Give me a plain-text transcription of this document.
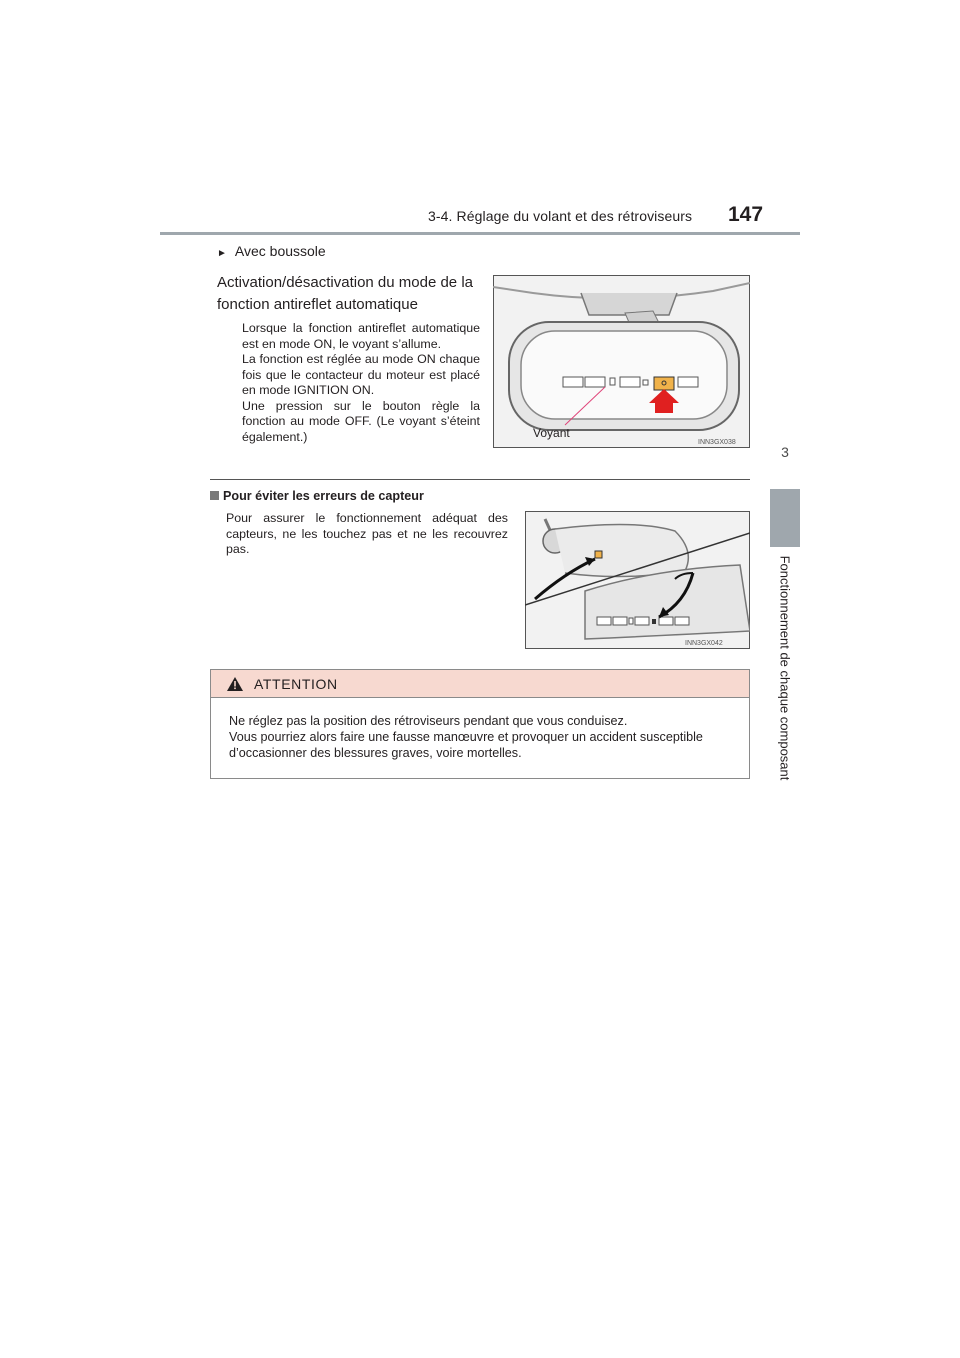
3-4. Réglage du volant et des rétroviseurs 147
3
Fonctionnement de chaque composant
► Avec boussole
Activation/désactivation du mode de la fonction antireflet automatique
Lorsque la fonction antireflet automatique est en mode ON, le voyant s’allume.
La fonction est réglée au mode ON chaque fois que le contacteur du moteur est placé en mode IGNITION ON.
Une pression sur le bouton règle la fonction au mode OFF. (Le voyant s’éteint également.)	Voyant
INN3GX038
Pour éviter les erreurs de capteur
Pour assurer le fonctionnement adéquat des capteurs, ne les touchez pas et ne les recouvrez pas.
INN3GX042
ATTENTION
Ne réglez pas la position des rétroviseurs pendant que vous conduisez.
Vous pourriez alors faire une fausse manœuvre et provoquer un accident susceptible d’occasionner des blessures graves, voire mortelles.
